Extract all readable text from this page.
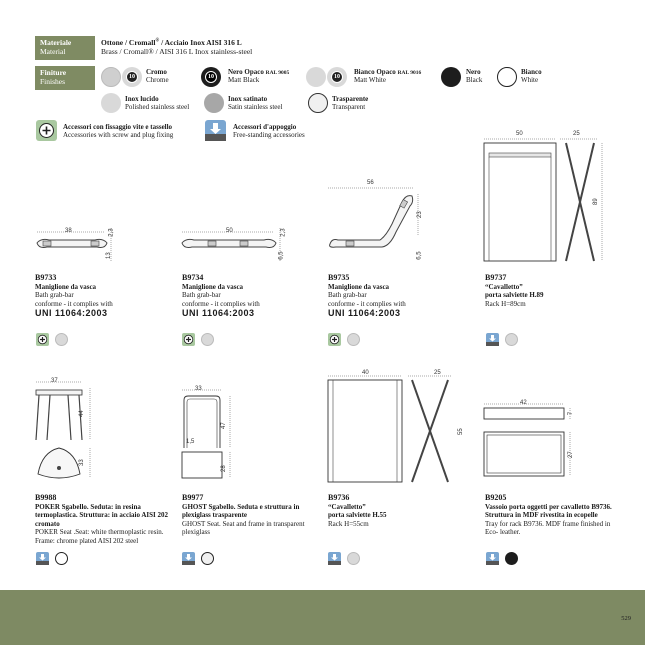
Materiale
Material
Ottone / Cromall® / Acciaio Inox AISI 316 L
Brass / Cromall® / AISI 316 L Inox stainless-steel
Finiture
Finishes	10
Cromo
Chrome	10
Nero Opaco RAL 9005
Matt Black	10
Bianco Opaco RAL 9016
Matt White
Nero
Black
Bianco
White
Inox lucido
Polished stainless steel
Inox satinato
Satin stainless steel
Trasparente
Transparent
Accessori con fissaggio vite e tassello
Accessories with screw and plug fixing
Accessori d'appoggio
Free-standing accessories
38	2,3
13
50	2,3
6,5
56
23
6,5
50	25
89
B9733
Maniglione da vasca
Bath grab-bar
conforme - it complies with
UNI 11064:2003
B9734
Maniglione da vasca
Bath grab-bar
conforme - it complies with
UNI 11064:2003
B9735
Maniglione da vasca
Bath grab-bar
conforme - it complies with
UNI 11064:2003
B9737
“Cavalletto”
porta salviette H.89
Rack H=89cm
37
44
33
33
47
1,5
28
40	25
55
42
7
27
B9988
POKER Sgabello. Seduta: in resina termoplastica. Struttura: in acciaio AISI 202 cromato
POKER Seat .Seat: white thermoplastic resin. Frame: chrome plated AISI 202 steel
B9977
GHOST Sgabello. Seduta e struttura in plexiglass trasparente
GHOST Seat. Seat and frame in transparent plexiglass
B9736
“Cavalletto”
porta salviette H.55
Rack H=55cm
B9205
Vassoio porta oggetti per cavalletto B9736. Struttura in MDF rivestita in ecopelle
Tray for rack B9736. MDF frame finished in Eco- leather.
529
